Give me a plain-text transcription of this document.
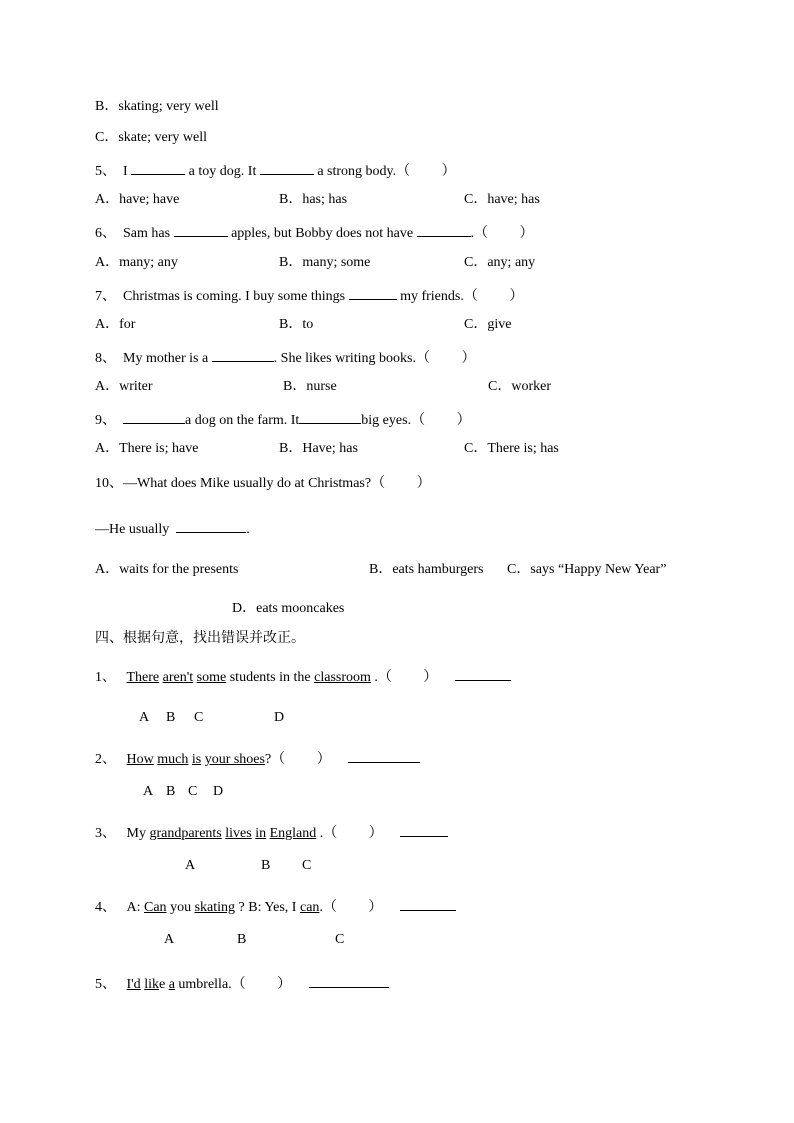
B．skating; very well
C．skate; very well
5、 I	a toy dog. It	a strong body.（ ）
A．have; have	B．has; has	C．have; has
6、 Sam has	apples, but Bobby does not have	.（ ）
A．many; any	B．many; some	C．any; any
7、 Christmas is coming. I buy some things	my friends.（ ）
A．for	B．to	C．give
8、 My mother is a	. She likes writing books.（ ）
A．writer	B．nurse	C．worker
9、	a dog on the farm. It	big eyes.（ ）
A．There is; have	B．Have; has	C．There is; has
10、—What does Mike usually do at Christmas?（ ）
—He usually	.
A．waits for the presents	B．eats hamburgers C．says “Happy New Year”
D．eats mooncakes
四、根据句意，找出错误并改正。
1、 There aren't some students in the classroom .（ ）
A B C	D
2、 How much is your shoes?（ ）
A B C D
3、 My grandparents lives in England .（ ）
A	B C
4、 A: Can you skating ? B: Yes, I can.（ ）
A	B	C
5、 I'd like a umbrella.（ ）
